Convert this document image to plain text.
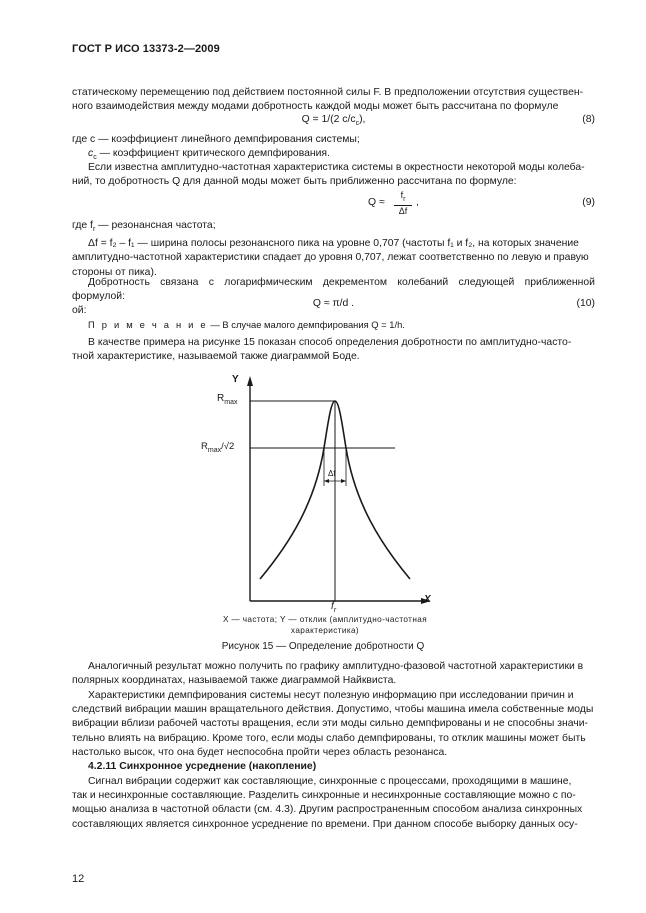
ГОСТ Р ИСО 13373-2—2009
статическому перемещению под действием постоянной силы F. В предположении отсутствия существен-
ного взаимодействия между модами добротность каждой моды может быть рассчитана по формуле
Q = 1/(2 $c/c_c$),	(8)
где c — коэффициент линейного демпфирования системы;
$c_c$ — коэффициент критического демпфирования.
Если известна амплитудно-частотная характеристика системы в окрестности некоторой моды колеба-
ний, то добротность Q для данной моды может быть приближенно рассчитана по формуле:
$Q \approx \frac{f_r}{\Delta f}$ ,	(9)
где $f_r$ — резонансная частота;
Δf = f₂ – f₁ — ширина полосы резонансного пика на уровне 0,707 (частоты f₁ и f₂, на которых значение
амплитудно-частотной характеристики спадает до уровня 0,707, лежат соответственно по левую и правую
стороны от пика).
Добротность связана с логарифмическим декрементом колебаний следующей приближенной формулой:
ой:
Q ≈ π/d .	(10)
П р и м е ч а н и е — В случае малого демпфирования Q = 1/h.
В качестве примера на рисунке 15 показан способ определения добротности по амплитудно-часто-
тной характеристике, называемой также диаграммой Боде.
Y
X
$R_{max}$
$R_{max}/√2$
Δf
$f_r$
X — частота; Y — отклик (амплитудно-частотная
характеристика)
Рисунок 15 — Определение добротности Q
Аналогичный результат можно получить по графику амплитудно-фазовой частотной характеристики в
полярных координатах, называемой также диаграммой Найквиста.
Характеристики демпфирования системы несут полезную информацию при исследовании причин и
следствий вибрации машин вращательного действия. Допустимо, чтобы машина имела собственные моды
вибрации вблизи рабочей частоты вращения, если эти моды сильно демпфированы и не способны значи-
тельно влиять на вибрацию. Кроме того, если моды слабо демпфированы, то отклик машины может быть
настолько высок, что она будет неспособна пройти через область резонанса.
4.2.11 Синхронное усреднение (накопление)
Сигнал вибрации содержит как составляющие, синхронные с процессами, проходящими в машине,
так и несинхронные составляющие. Разделить синхронные и несинхронные составляющие можно с по-
мощью анализа в частотной области (см. 4.3). Другим распространенным способом анализа синхронных
составляющих является синхронное усреднение по времени. При данном способе выборку данных осу-
12
